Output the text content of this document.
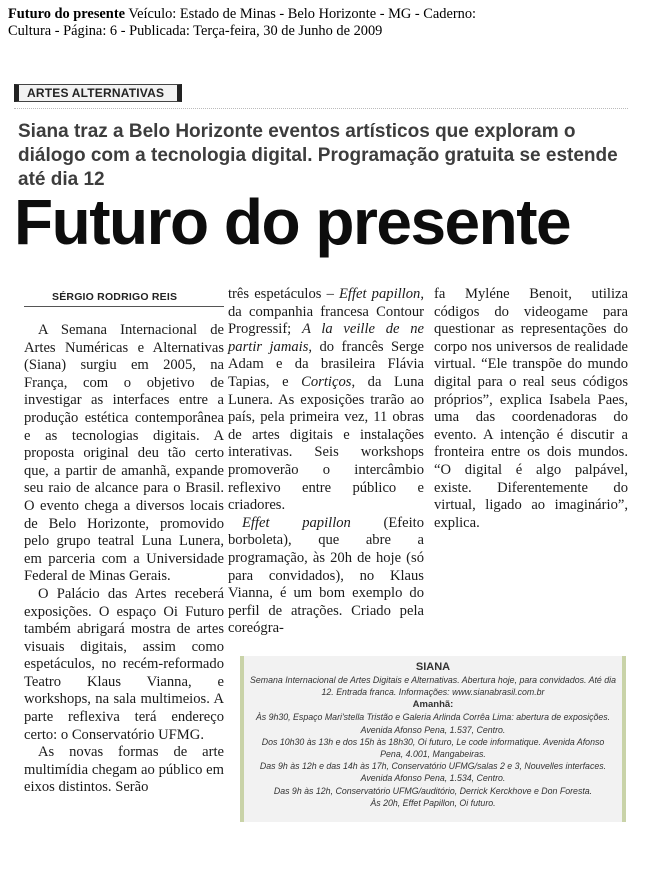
Futuro do presente Veículo: Estado de Minas - Belo Horizonte - MG - Caderno:
Cultura - Página: 6 - Publicada: Terça-feira, 30 de Junho de 2009
ARTES ALTERNATIVAS
Siana traz a Belo Horizonte eventos artísticos que exploram o diálogo com a tecnologia digital. Programação gratuita se estende até dia 12
Futuro do presente
SÉRGIO RODRIGO REIS

A Semana Internacional de Artes Numéricas e Alternativas (Siana) surgiu em 2005, na França, com o objetivo de investigar as interfaces entre a produção estética contemporânea e as tecnologias digitais. A proposta original deu tão certo que, a partir de amanhã, expande seu raio de alcance para o Brasil. O evento chega a diversos locais de Belo Horizonte, promovido pelo grupo teatral Luna Lunera, em parceria com a Universidade Federal de Minas Gerais.

O Palácio das Artes receberá exposições. O espaço Oi Futuro também abrigará mostra de artes visuais digitais, assim como espetáculos, no recém-reformado Teatro Klaus Vianna, e workshops, na sala multimeios. A parte reflexiva terá endereço certo: o Conservatório UFMG.

As novas formas de arte multimídia chegam ao público em eixos distintos. Serão

três espetáculos – Effet papillon, da companhia francesa Contour Progressif; A la veille de ne partir jamais, do francês Serge Adam e da brasileira Flávia Tapias, e Cortiços, da Luna Lunera. As exposições trarão ao país, pela primeira vez, 11 obras de artes digitais e instalações interativas. Seis workshops promoverão o intercâmbio reflexivo entre público e criadores.

Effet papillon (Efeito borboleta), que abre a programação, às 20h de hoje (só para convidados), no Klaus Vianna, é um bom exemplo do perfil de atrações. Criado pela coreógra-

fa Myléne Benoit, utiliza códigos do videogame para questionar as representações do corpo nos universos de realidade virtual. “Ele transpõe do mundo digital para o real seus códigos próprios”, explica Isabela Paes, uma das coordenadoras do evento. A intenção é discutir a fronteira entre os dois mundos. “O digital é algo palpável, existe. Diferentemente do virtual, ligado ao imaginário”, explica.

SIANA
Semana Internacional de Artes Digitais e Alternativas. Abertura hoje, para convidados. Até dia 12. Entrada franca. Informações: www.sianabrasil.com.br
Amanhã:
Às 9h30, Espaço Mari'stella Tristão e Galeria Arlinda Corrêa Lima: abertura de exposições. Avenida Afonso Pena, 1.537, Centro.
Dos 10h30 às 13h e dos 15h às 18h30, Oi futuro, Le code informatique. Avenida Afonso Pena, 4.001, Mangabeiras.
Das 9h às 12h e das 14h às 17h, Conservatório UFMG/salas 2 e 3, Nouvelles interfaces. Avenida Afonso Pena, 1.534, Centro.
Das 9h às 12h, Conservatório UFMG/auditório, Derrick Kerckhove e Don Foresta.
Às 20h, Effet Papillon, Oi futuro.
